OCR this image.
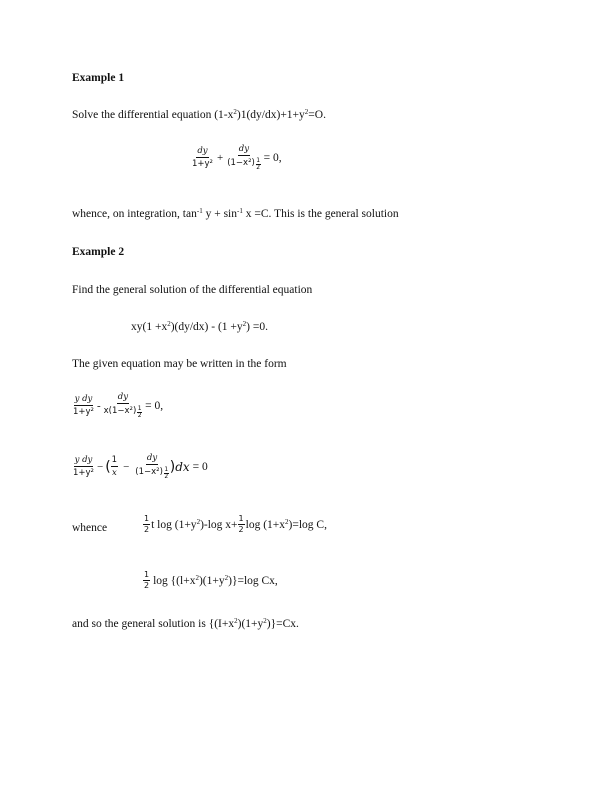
Example 1
Solve the differential equation $(1-x^2)1(dy/dx)+1+y^2=O$.
$\frac{dy}{\text{1+y²}} + \frac{dy}{(1-x^2) \frac{1}{2}} = 0$,
whence, on integration, $\tan^{-1} y + \sin^{-1} x =C$. This is the general solution
Example 2
Find the general solution of the differential equation
$xy(1 +x^2)(dy/dx) - (1 +y^2) =0$.
The given equation may be written in the form
$\frac{\text{y dy}}{\text{1+y²}} - \frac{dy}{x(1-x^2) \frac{1}{2}} = 0$,
$\frac{\text{y dy}}{\text{1+y²}}$ − ( $\frac{1}{x} - \frac{dy}{(1-x^2) \frac{1}{2}}$ ) dx = 0
whence	$\frac{1}{2}$ t $\log (1+y^2)-\log$ $x+ \frac{1}{2}$ $\log (1+x^2)=\log$ C,
$\frac{1}{2}$ $\log \{(l+x^2)(1+y^2)\}=\log$ Cx,
and so the general solution is $\{(I+x^2)(1+y^2)\}=Cx$.
